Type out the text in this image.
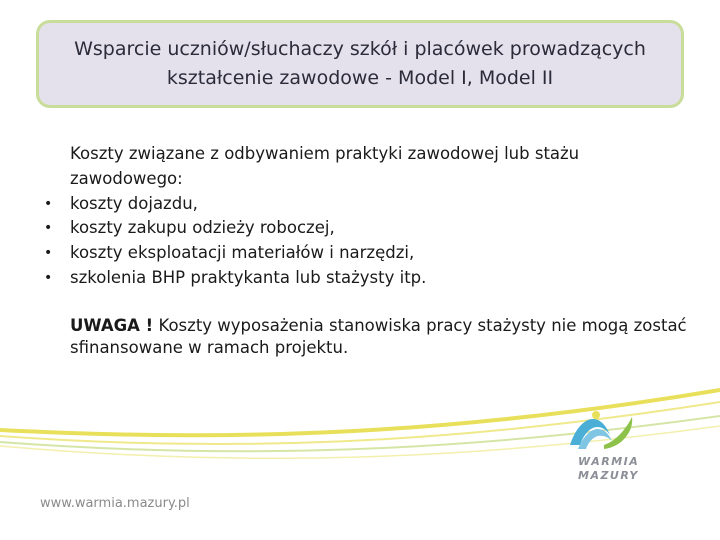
Wsparcie uczniów/słuchaczy szkół i placówek prowadzących
kształcenie zawodowe - Model I, Model II

Koszty związane z odbywaniem praktyki zawodowej lub stażu zawodowego:

• koszty dojazdu,
• koszty zakupu odzieży roboczej,
• koszty eksploatacji materiałów i narzędzi,
• szkolenia BHP praktykanta lub stażysty itp.

UWAGA ! Koszty wyposażenia stanowiska pracy stażysty nie mogą zostać sfinansowane w ramach projektu.

WARMIA
MAZURY
www.warmia.mazury.pl
